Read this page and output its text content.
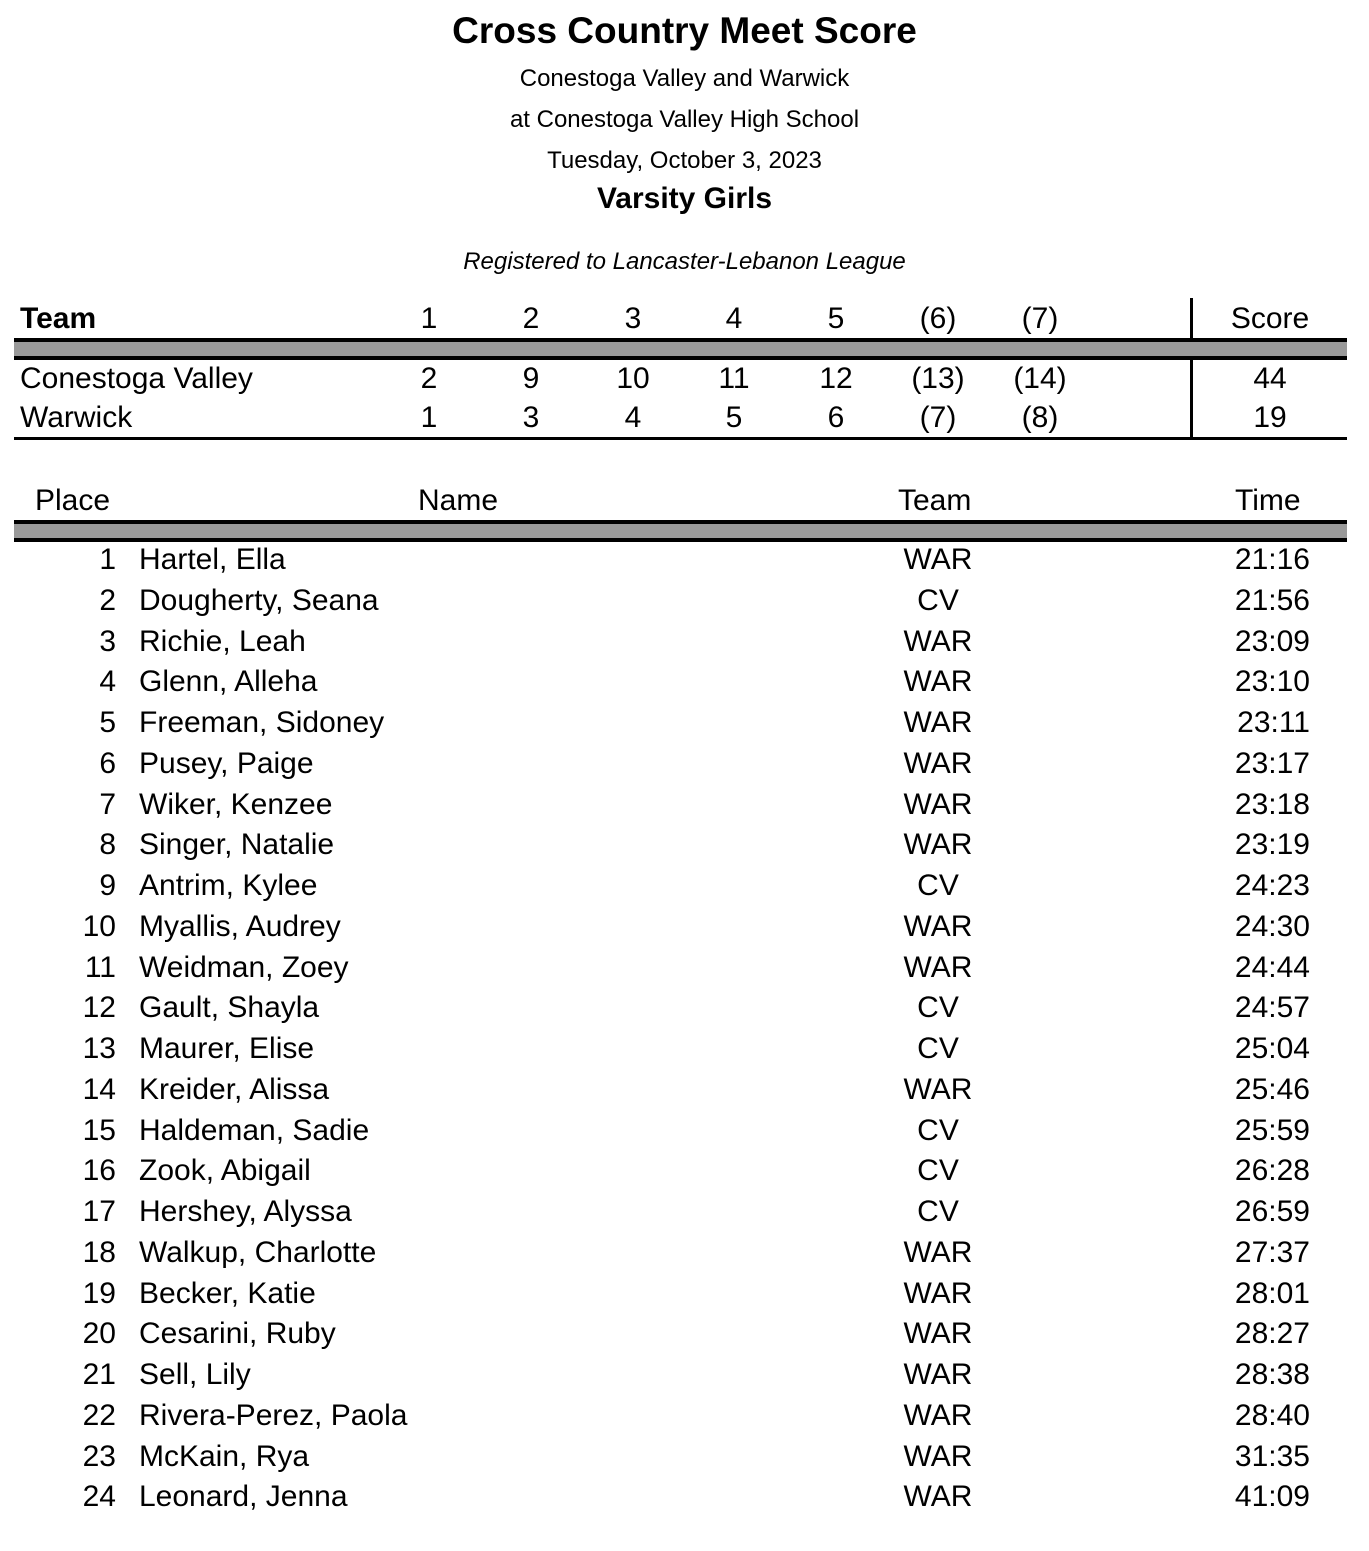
Cross Country Meet Score
Conestoga Valley and Warwick
at Conestoga Valley High School
Tuesday, October 3, 2023
Varsity Girls
Registered to Lancaster-Lebanon League
Team	1	2	3	4	5	(6)	(7)	Score
Conestoga Valley	2	9	10	11	12	(13)	(14)	44
Warwick	1	3	4	5	6	(7)	(8)	19
Place	Name	Team	Time
1 Hartel, Ella	WAR	21:16
2 Dougherty, Seana	CV	21:56
3 Richie, Leah	WAR	23:09
4 Glenn, Alleha	WAR	23:10
5 Freeman, Sidoney	WAR	23:11
6 Pusey, Paige	WAR	23:17
7 Wiker, Kenzee	WAR	23:18
8 Singer, Natalie	WAR	23:19
9 Antrim, Kylee	CV	24:23
10 Myallis, Audrey	WAR	24:30
11 Weidman, Zoey	WAR	24:44
12 Gault, Shayla	CV	24:57
13 Maurer, Elise	CV	25:04
14 Kreider, Alissa	WAR	25:46
15 Haldeman, Sadie	CV	25:59
16 Zook, Abigail	CV	26:28
17 Hershey, Alyssa	CV	26:59
18 Walkup, Charlotte	WAR	27:37
19 Becker, Katie	WAR	28:01
20 Cesarini, Ruby	WAR	28:27
21 Sell, Lily	WAR	28:38
22 Rivera-Perez, Paola	WAR	28:40
23 McKain, Rya	WAR	31:35
24 Leonard, Jenna	WAR	41:09
